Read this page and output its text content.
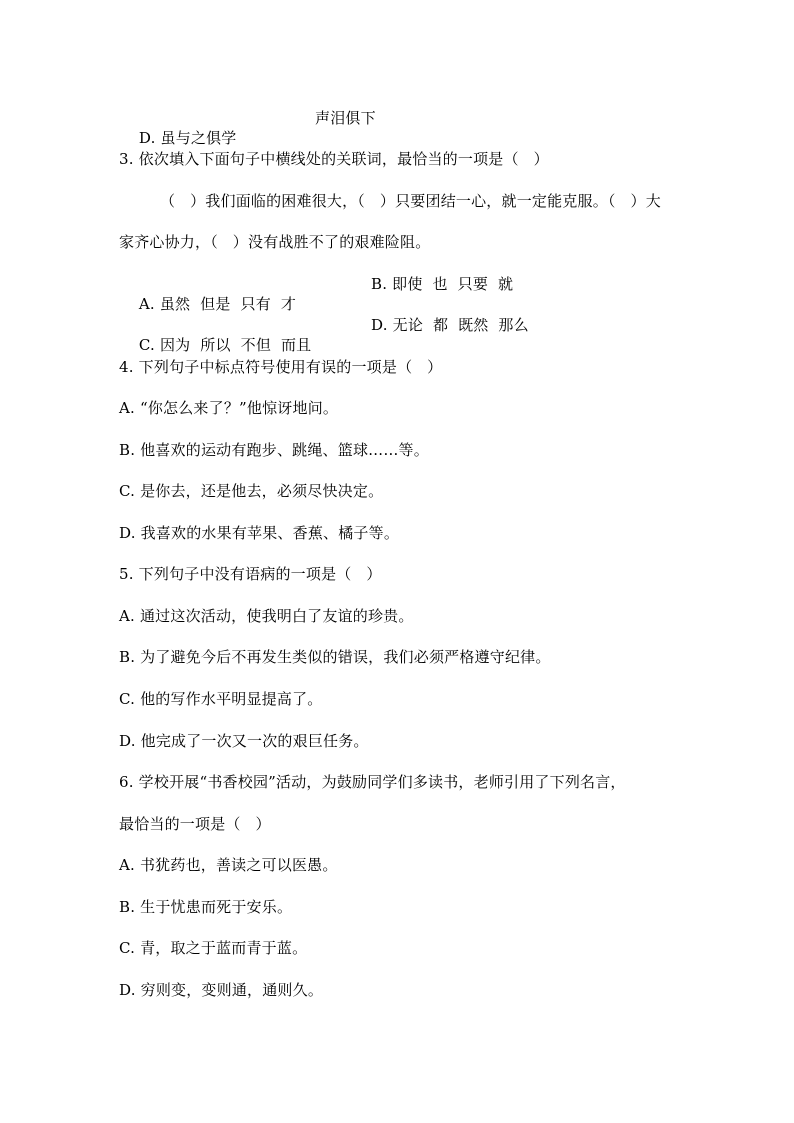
D. 虽与之俱学

声泪俱下

3. 依次填入下面句子中横线处的关联词，最恰当的一项是（   ）
（   ）我们面临的困难很大，（   ）只要团结一心，就一定能克服。（   ）大
家齐心协力，（   ）没有战胜不了的艰难险阻。

A. 虽然  但是  只有  才

B. 即使  也  只要  就

C. 因为  所以  不但  而且

D. 无论  都  既然  那么

4. 下列句子中标点符号使用有误的一项是（   ）
A. “你怎么来了？”他惊讶地问。
B. 他喜欢的运动有跑步、跳绳、篮球……等。
C. 是你去，还是他去，必须尽快决定。
D. 我喜欢的水果有苹果、香蕉、橘子等。
5. 下列句子中没有语病的一项是（   ）
A. 通过这次活动，使我明白了友谊的珍贵。
B. 为了避免今后不再发生类似的错误，我们必须严格遵守纪律。
C. 他的写作水平明显提高了。
D. 他完成了一次又一次的艰巨任务。
6. 学校开展“书香校园”活动，为鼓励同学们多读书，老师引用了下列名言，
最恰当的一项是（   ）
A. 书犹药也，善读之可以医愚。
B. 生于忧患而死于安乐。
C. 青，取之于蓝而青于蓝。
D. 穷则变，变则通，通则久。
